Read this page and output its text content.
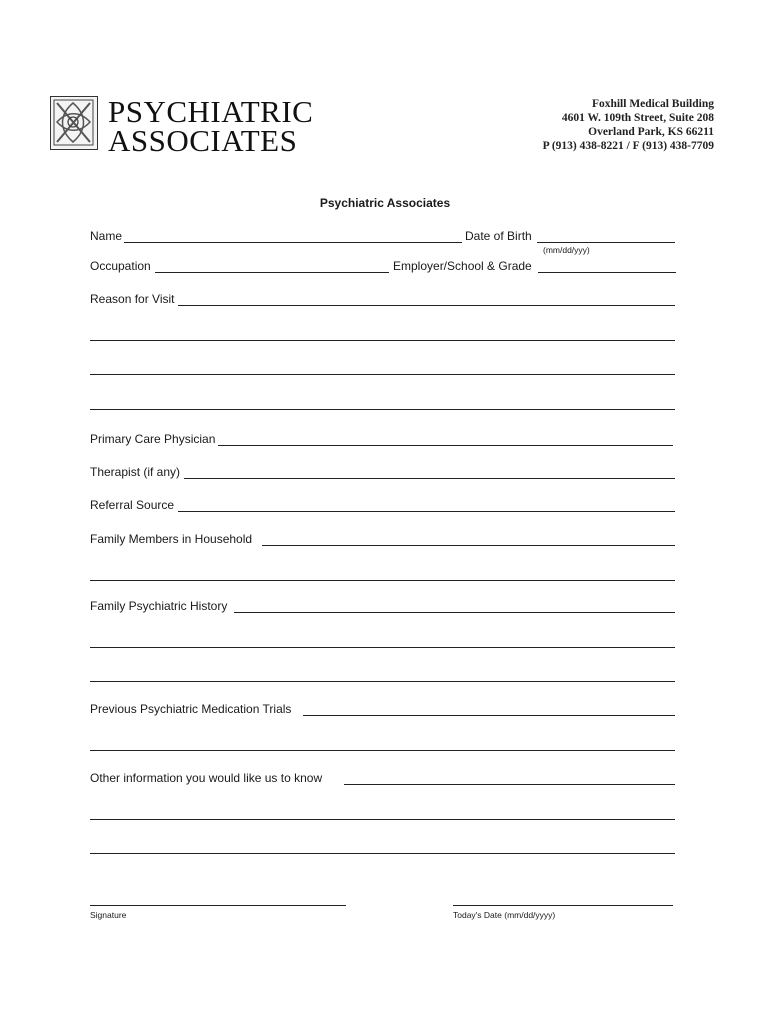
PSYCHIATRIC
ASSOCIATES
Foxhill Medical Building
4601 W. 109th Street, Suite 208
Overland Park, KS 66211
P (913) 438-8221 / F (913) 438-7709
Psychiatric Associates
Name	Date of Birth
(mm/dd/yyy)
Occupation	Employer/School & Grade
Reason for Visit
Primary Care Physician
Therapist (if any)
Referral Source
Family Members in Household
Family Psychiatric History
Previous Psychiatric Medication Trials
Other information you would like us to know
Signature	Today's Date (mm/dd/yyyy)
